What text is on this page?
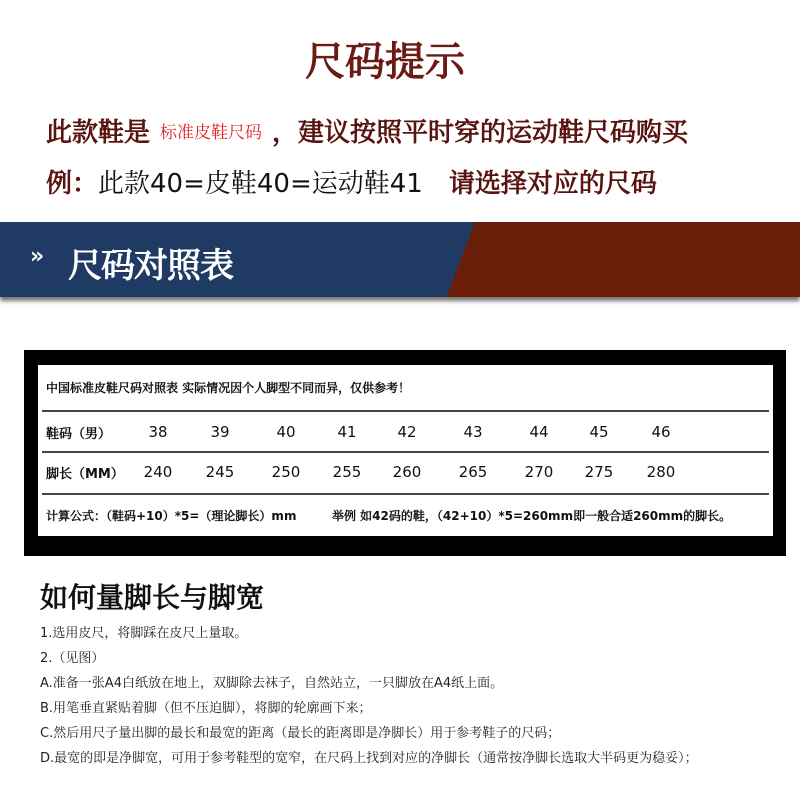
尺码提示
此款鞋是 标准皮鞋尺码 ，建议按照平时穿的运动鞋尺码购买
例：此款40=皮鞋40=运动鞋41 请选择对应的尺码
» 尺码对照表
中国标准皮鞋尺码对照表 实际情况因个人脚型不同而异，仅供参考！
鞋码（男）	38	39	40	41	42	43	44	45	46
脚长（MM）	240	245	250	255	260	265	270	275	280
计算公式：（鞋码+10）*5=（理论脚长）mm	举例 如42码的鞋，（42+10）*5=260mm即一般合适260mm的脚长。
如何量脚长与脚宽
1.选用皮尺，将脚踩在皮尺上量取。
2.（见图）
A.准备一张A4白纸放在地上，双脚除去袜子，自然站立，一只脚放在A4纸上面。
B.用笔垂直紧贴着脚（但不压迫脚），将脚的轮廓画下来；
C.然后用尺子量出脚的最长和最宽的距离（最长的距离即是净脚长）用于参考鞋子的尺码；
D.最宽的即是净脚宽，可用于参考鞋型的宽窄，在尺码上找到对应的净脚长（通常按净脚长选取大半码更为稳妥）；
